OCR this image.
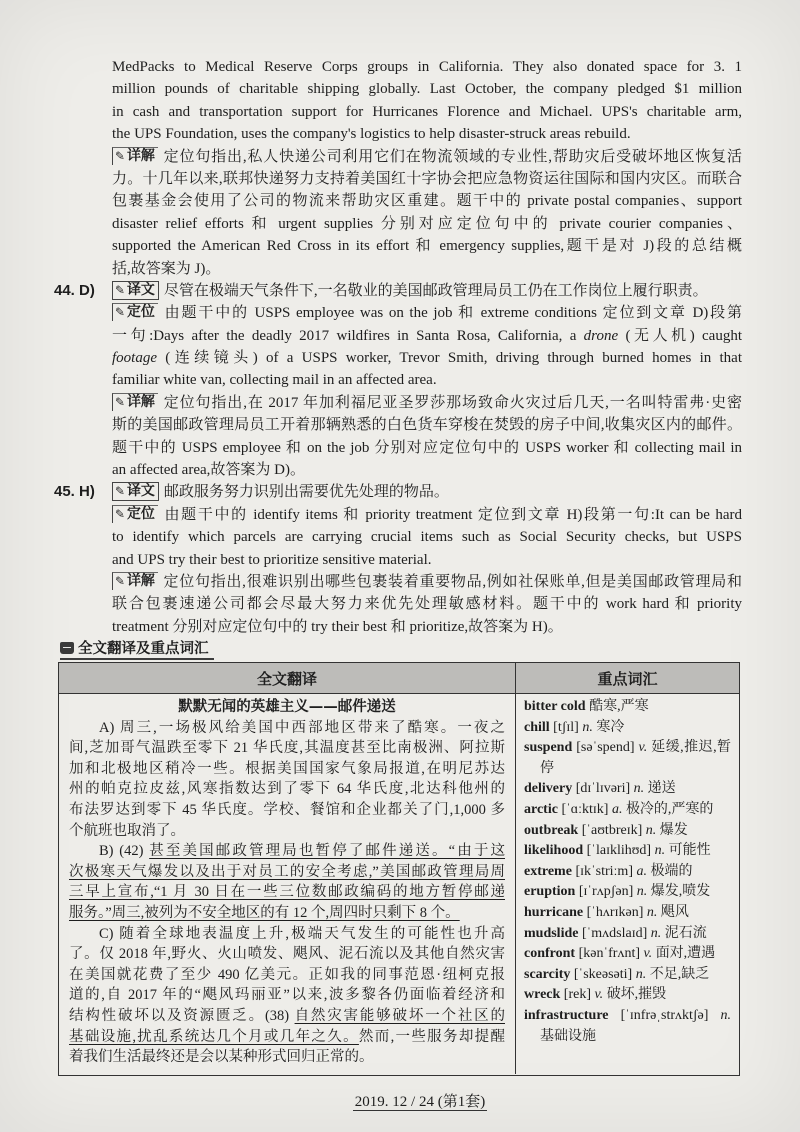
MedPacks to Medical Reserve Corps groups in California. They also donated space for 3. 1
million pounds of charitable shipping globally. Last October, the company pledged $1 million
in cash and transportation support for Hurricanes Florence and Michael. UPS's charitable arm,
the UPS Foundation, uses the company's logistics to help disaster-struck areas rebuild.
✎ 详解 定位句指出,私人快递公司利用它们在物流领域的专业性,帮助灾后受破坏地区恢复活
力。十几年以来,联邦快递努力支持着美国红十字协会把应急物资运往国际和国内灾区。而联合
包裹基金会使用了公司的物流来帮助灾区重建。题干中的 private postal companies、support
disaster relief efforts 和 urgent supplies 分别对应定位句中的 private courier companies、
supported the American Red Cross in its effort 和 emergency supplies,题干是对 J)段的总结概
括,故答案为 J)。
44. D) ✎ 译文 尽管在极端天气条件下,一名敬业的美国邮政管理局员工仍在工作岗位上履行职责。
✎ 定位 由题干中的 USPS employee was on the job 和 extreme conditions 定位到文章 D)段第
一句:Days after the deadly 2017 wildfires in Santa Rosa, California, a drone (无人机) caught
footage (连续镜头) of a USPS worker, Trevor Smith, driving through burned homes in that
familiar white van, collecting mail in an affected area.
✎ 详解 定位句指出,在 2017 年加利福尼亚圣罗莎那场致命火灾过后几天,一名叫特雷弗·史密
斯的美国邮政管理局员工开着那辆熟悉的白色货车穿梭在焚毁的房子中间,收集灾区内的邮件。
题干中的 USPS employee 和 on the job 分别对应定位句中的 USPS worker 和 collecting mail in
an affected area,故答案为 D)。
45. H) ✎ 译文 邮政服务努力识别出需要优先处理的物品。
✎ 定位 由题干中的 identify items 和 priority treatment 定位到文章 H)段第一句:It can be hard
to identify which parcels are carrying crucial items such as Social Security checks, but USPS
and UPS try their best to prioritize sensitive material.
✎ 详解 定位句指出,很难识别出哪些包裹装着重要物品,例如社保账单,但是美国邮政管理局和
联合包裹速递公司都会尽最大努力来优先处理敏感材料。题干中的 work hard 和 priority
treatment 分别对应定位句中的 try their best 和 prioritize,故答案为 H)。
全文翻译及重点词汇
全文翻译	重点词汇
默默无闻的英雄主义——邮件递送
A) 周三,一场极风给美国中西部地区带来了酷寒。一夜之
间,芝加哥气温跌至零下 21 华氏度,其温度甚至比南极洲、阿拉斯
加和北极地区稍冷一些。根据美国国家气象局报道,在明尼苏达
州的帕克拉皮兹,风寒指数达到了零下 64 华氏度,北达科他州的
布法罗达到零下 45 华氏度。学校、餐馆和企业都关了门,1,000 多
个航班也取消了。
B) (42) 甚至美国邮政管理局也暂停了邮件递送。“由于这
次极寒天气爆发以及出于对员工的安全考虑,”美国邮政管理局周
三早上宣布,“1 月 30 日在一些三位数邮政编码的地方暂停邮递
服务。”周三,被列为不安全地区的有 12 个,周四时只剩下 8 个。
C) 随着全球地表温度上升,极端天气发生的可能性也升高
了。仅 2018 年,野火、火山喷发、飓风、泥石流以及其他自然灾害
在美国就花费了至少 490 亿美元。正如我的同事范恩·纽柯克报
道的,自 2017 年的“飓风玛丽亚”以来,波多黎各仍面临着经济和
结构性破坏以及资源匮乏。(38) 自然灾害能够破坏一个社区的
基础设施,扰乱系统达几个月或几年之久。然而,一些服务却提醒
着我们生活最终还是会以某种形式回归正常的。
bitter cold 酷寒,严寒
chill [tʃɪl] n. 寒冷
suspend [səˈspend] v. 延缓,推迟,暂停
delivery [dɪˈlɪvəri] n. 递送
arctic [ˈɑːktɪk] a. 极冷的,严寒的
outbreak [ˈaʊtbreɪk] n. 爆发
likelihood [ˈlaɪklihʊd] n. 可能性
extreme [ɪkˈstriːm] a. 极端的
eruption [ɪˈrʌpʃən] n. 爆发,喷发
hurricane [ˈhʌrɪkən] n. 飓风
mudslide [ˈmʌdslaɪd] n. 泥石流
confront [kənˈfrʌnt] v. 面对,遭遇
scarcity [ˈskeəsəti] n. 不足,缺乏
wreck [rek] v. 破坏,摧毁
infrastructure [ˈɪnfrəˌstrʌktʃə] n. 基础设施
2019. 12 / 24 (第1套)
